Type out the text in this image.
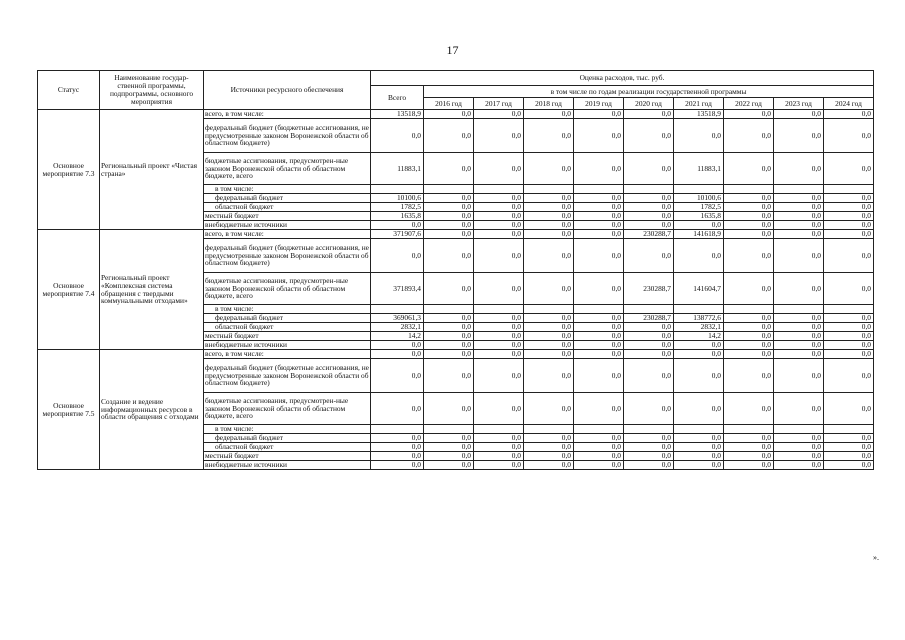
17
Статус	Наименование государ-ственной программы, подпрограммы, основного мероприятия	Источники ресурсного обеспечения	Оценка расходов, тыс. руб.									
			Всего	в том числе по годам реализации государственной программы								
				2016 год	2017 год	2018 год	2019 год	2020 год	2021 год	2022 год	2023 год	2024 год
Основное мероприятие 7.3	Региональный проект «Чистая страна»	всего, в том числе:	13518,9	0,0	0,0	0,0	0,0	0,0	13518,9	0,0	0,0	0,0
		федеральный бюджет (бюджетные ассигнования, не предусмотренные законом Воронежской области об областном бюджете)	0,0	0,0	0,0	0,0	0,0	0,0	0,0	0,0	0,0	0,0
		бюджетные ассигнования, предусмотрен-ные законом Воронежской области об областном бюджете, всего	11883,1	0,0	0,0	0,0	0,0	0,0	11883,1	0,0	0,0	0,0
		в том числе:										
		федеральный бюджет	10100,6	0,0	0,0	0,0	0,0	0,0	10100,6	0,0	0,0	0,0
		областной бюджет	1782,5	0,0	0,0	0,0	0,0	0,0	1782,5	0,0	0,0	0,0
		местный бюджет	1635,8	0,0	0,0	0,0	0,0	0,0	1635,8	0,0	0,0	0,0
		внебюджетные источники	0,0	0,0	0,0	0,0	0,0	0,0	0,0	0,0	0,0	0,0
Основное мероприятие 7.4	Региональный проект «Комплексная система обращения с твердыми коммунальными отходами»	всего, в том числе:	371907,6	0,0	0,0	0,0	0,0	230288,7	141618,9	0,0	0,0	0,0
		федеральный бюджет (бюджетные ассигнования, не предусмотренные законом Воронежской области об областном бюджете)	0,0	0,0	0,0	0,0	0,0	0,0	0,0	0,0	0,0	0,0
		бюджетные ассигнования, предусмотрен-ные законом Воронежской области об областном бюджете, всего	371893,4	0,0	0,0	0,0	0,0	230288,7	141604,7	0,0	0,0	0,0
		в том числе:										
		федеральный бюджет	369061,3	0,0	0,0	0,0	0,0	230288,7	138772,6	0,0	0,0	0,0
		областной бюджет	2832,1	0,0	0,0	0,0	0,0	0,0	2832,1	0,0	0,0	0,0
		местный бюджет	14,2	0,0	0,0	0,0	0,0	0,0	14,2	0,0	0,0	0,0
		внебюджетные источники	0,0	0,0	0,0	0,0	0,0	0,0	0,0	0,0	0,0	0,0
Основное мероприятие 7.5	Создание и ведение информационных ресурсов в области обращения с отходами	всего, в том числе:	0,0	0,0	0,0	0,0	0,0	0,0	0,0	0,0	0,0	0,0
		федеральный бюджет (бюджетные ассигнования, не предусмотренные законом Воронежской области об областном бюджете)	0,0	0,0	0,0	0,0	0,0	0,0	0,0	0,0	0,0	0,0
		бюджетные ассигнования, предусмотрен-ные законом Воронежской области об областном бюджете, всего	0,0	0,0	0,0	0,0	0,0	0,0	0,0	0,0	0,0	0,0
		в том числе:										
		федеральный бюджет	0,0	0,0	0,0	0,0	0,0	0,0	0,0	0,0	0,0	0,0
		областной бюджет	0,0	0,0	0,0	0,0	0,0	0,0	0,0	0,0	0,0	0,0
		местный бюджет	0,0	0,0	0,0	0,0	0,0	0,0	0,0	0,0	0,0	0,0
		внебюджетные источники	0,0	0,0	0,0	0,0	0,0	0,0	0,0	0,0	0,0	0,0
».
